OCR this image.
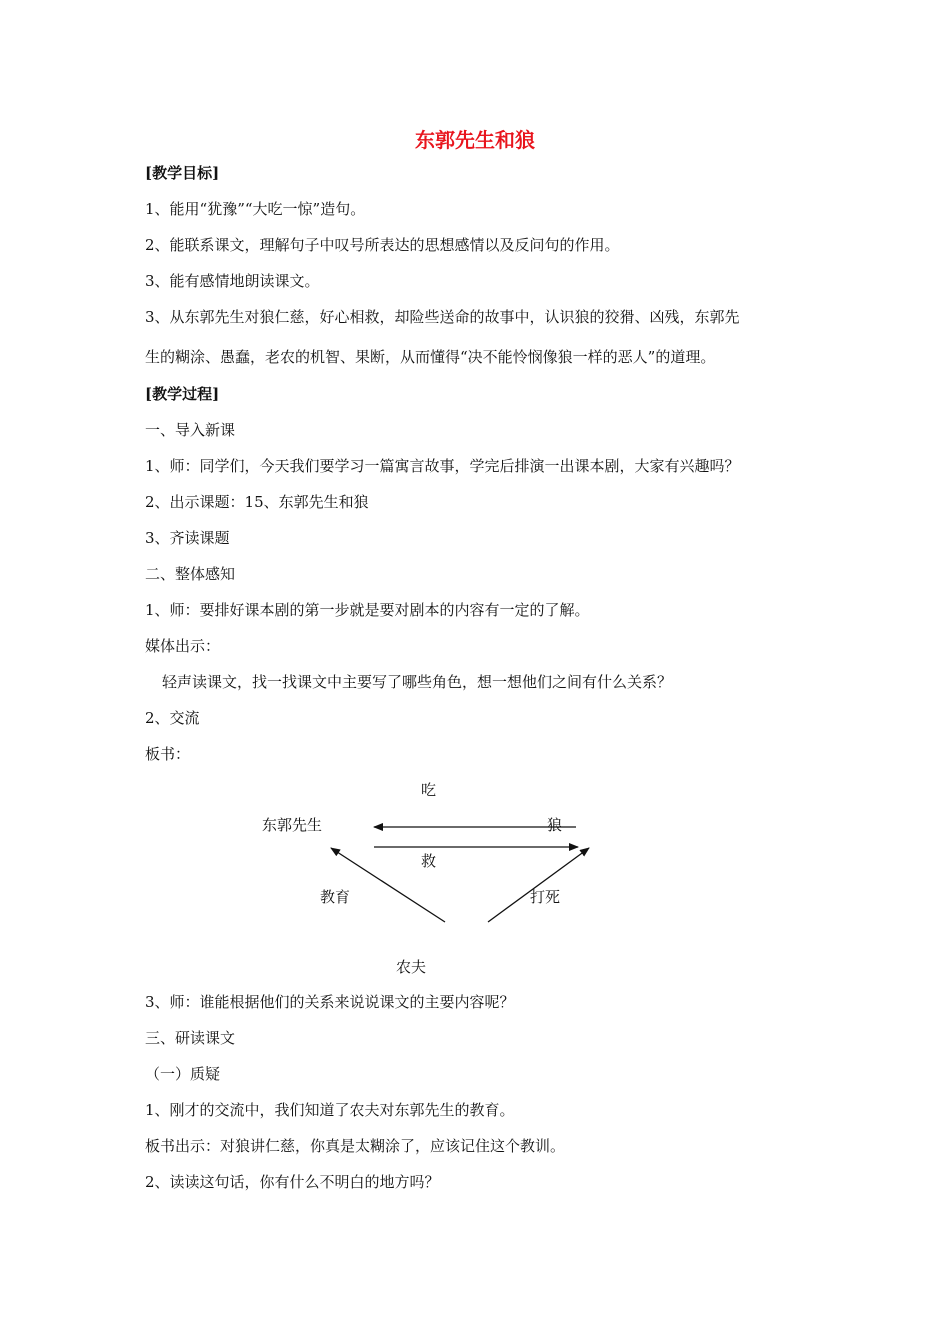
东郭先生和狼
[教学目标]
1、能用“犹豫”“大吃一惊”造句。
2、能联系课文，理解句子中叹号所表达的思想感情以及反问句的作用。
3、能有感情地朗读课文。
3、从东郭先生对狼仁慈，好心相救，却险些送命的故事中，认识狼的狡猾、凶残，东郭先
生的糊涂、愚蠢，老农的机智、果断，从而懂得“决不能怜悯像狼一样的恶人”的道理。
[教学过程]
一、导入新课
1、师：同学们，今天我们要学习一篇寓言故事，学完后排演一出课本剧，大家有兴趣吗？
2、出示课题：15、东郭先生和狼
3、齐读课题
二、整体感知
1、师：要排好课本剧的第一步就是要对剧本的内容有一定的了解。
媒体出示：
轻声读课文，找一找课文中主要写了哪些角色，想一想他们之间有什么关系？
2、交流
板书：
吃
东郭先生	狼
救
教育	打死
农夫
3、师：谁能根据他们的关系来说说课文的主要内容呢？
三、研读课文
（一）质疑
1、刚才的交流中，我们知道了农夫对东郭先生的教育。
板书出示：对狼讲仁慈，你真是太糊涂了，应该记住这个教训。
2、读读这句话，你有什么不明白的地方吗？
